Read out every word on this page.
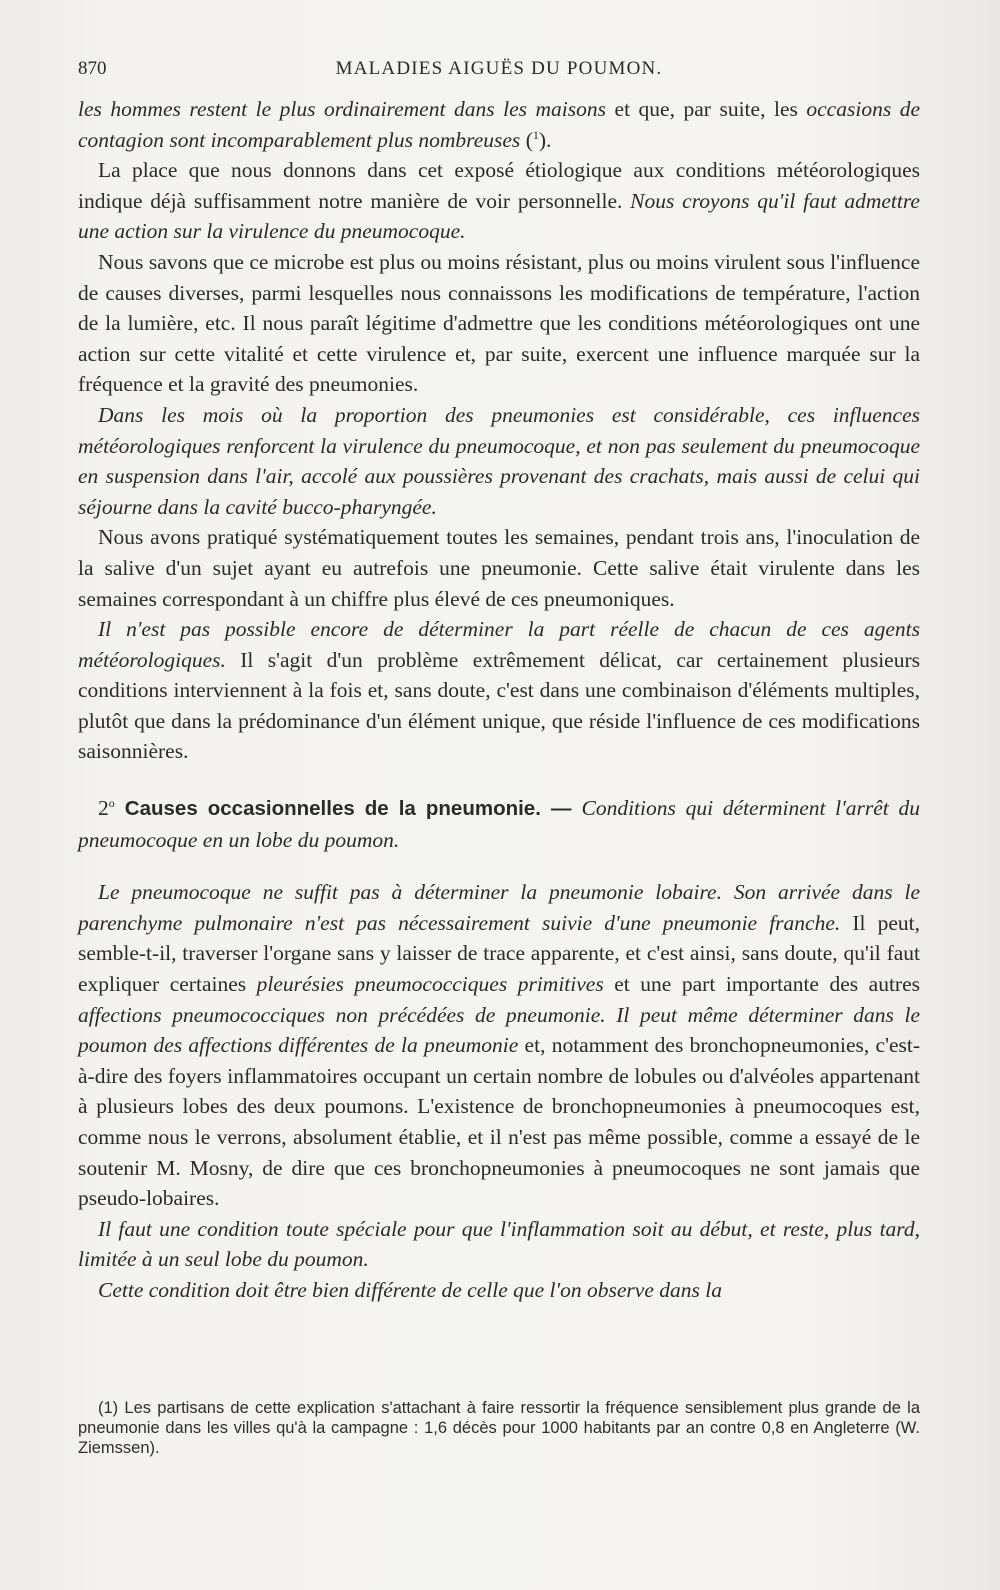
870	MALADIES AIGUËS DU POUMON.

les hommes restent le plus ordinairement dans les maisons et que, par suite, les occasions de contagion sont incomparablement plus nombreuses ($^1$).

La place que nous donnons dans cet exposé étiologique aux conditions météorologiques indique déjà suffisamment notre manière de voir personnelle. Nous croyons qu'il faut admettre une action sur la virulence du pneumocoque.

Nous savons que ce microbe est plus ou moins résistant, plus ou moins virulent sous l'influence de causes diverses, parmi lesquelles nous connaissons les modifications de température, l'action de la lumière, etc. Il nous paraît légitime d'admettre que les conditions météorologiques ont une action sur cette vitalité et cette virulence et, par suite, exercent une influence marquée sur la fréquence et la gravité des pneumonies.

Dans les mois où la proportion des pneumonies est considérable, ces influences météorologiques renforcent la virulence du pneumocoque, et non pas seulement du pneumocoque en suspension dans l'air, accolé aux poussières provenant des crachats, mais aussi de celui qui séjourne dans la cavité bucco-pharyngée.

Nous avons pratiqué systématiquement toutes les semaines, pendant trois ans, l'inoculation de la salive d'un sujet ayant eu autrefois une pneumonie. Cette salive était virulente dans les semaines correspondant à un chiffre plus élevé de ces pneumoniques.

Il n'est pas possible encore de déterminer la part réelle de chacun de ces agents météorologiques. Il s'agit d'un problème extrêmement délicat, car certainement plusieurs conditions interviennent à la fois et, sans doute, c'est dans une combinaison d'éléments multiples, plutôt que dans la prédominance d'un élément unique, que réside l'influence de ces modifications saisonnières.

2$^o$ Causes occasionnelles de la pneumonie. — Conditions qui déterminent l'arrêt du pneumocoque en un lobe du poumon.

Le pneumocoque ne suffit pas à déterminer la pneumonie lobaire. Son arrivée dans le parenchyme pulmonaire n'est pas nécessairement suivie d'une pneumonie franche. Il peut, semble-t-il, traverser l'organe sans y laisser de trace apparente, et c'est ainsi, sans doute, qu'il faut expliquer certaines pleurésies pneumococciques primitives et une part importante des autres affections pneumococciques non précédées de pneumonie. Il peut même déterminer dans le poumon des affections différentes de la pneumonie et, notamment des bronchopneumonies, c'est-à-dire des foyers inflammatoires occupant un certain nombre de lobules ou d'alvéoles appartenant à plusieurs lobes des deux poumons. L'existence de bronchopneumonies à pneumocoques est, comme nous le verrons, absolument établie, et il n'est pas même possible, comme a essayé de le soutenir M. Mosny, de dire que ces bronchopneumonies à pneumocoques ne sont jamais que pseudo-lobaires.

Il faut une condition toute spéciale pour que l'inflammation soit au début, et reste, plus tard, limitée à un seul lobe du poumon.

Cette condition doit être bien différente de celle que l'on observe dans la

(1) Les partisans de cette explication s'attachant à faire ressortir la fréquence sensiblement plus grande de la pneumonie dans les villes qu'à la campagne : 1,6 décès pour 1000 habitants par an contre 0,8 en Angleterre (W. Ziemssen).
